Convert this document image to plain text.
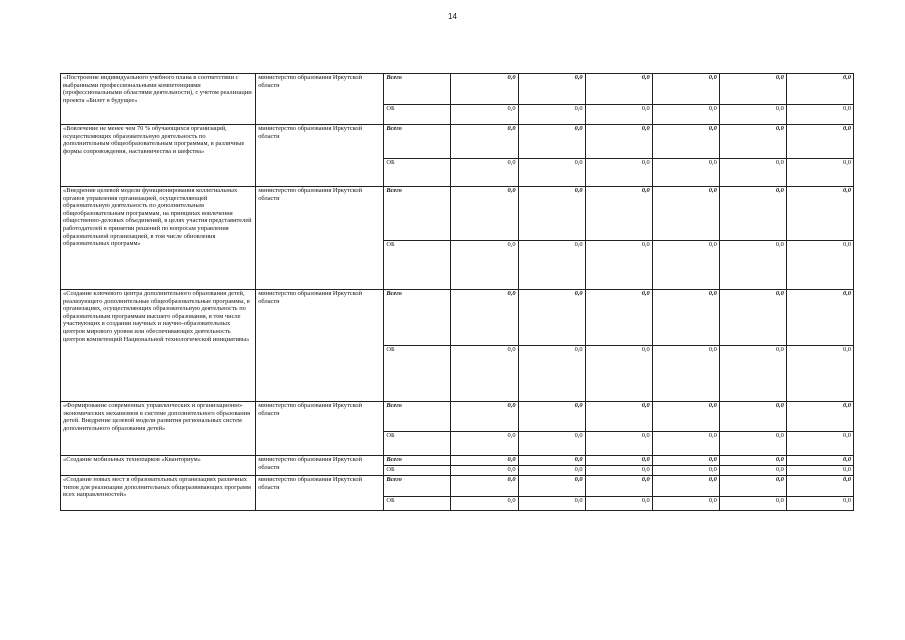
14
«Построение индивидуального учебного плана в соответствии с выбранными профессиональными компетенциями (профессиональными областями деятельности), с учетом реализации проекта «Билет в будущее»	министерство образования Иркутской области	Всего	0,0	0,0	0,0	0,0	0,0	0,0
		ОБ	0,0	0,0	0,0	0,0	0,0	0,0
«Вовлечение не менее чем 70 % обучающихся организаций, осуществляющих образовательную деятельность по дополнительным общеобразовательным программам, в различные формы сопровождения, наставничества и шефства»	министерство образования Иркутской области	Всего	0,0	0,0	0,0	0,0	0,0	0,0
		ОБ	0,0	0,0	0,0	0,0	0,0	0,0
«Внедрение целевой модели функционирования коллегиальных органов управления организацией, осуществляющей образовательную деятельность по дополнительным общеобразовательным программам, на принципах вовлечения общественно-деловых объединений, в целях участия представителей работодателей в принятии решений по вопросам управления образовательной организацией, в том числе обновления образовательных программ»	министерство образования Иркутской области	Всего	0,0	0,0	0,0	0,0	0,0	0,0
		ОБ	0,0	0,0	0,0	0,0	0,0	0,0
«Создание ключевого центра дополнительного образования детей, реализующего дополнительные общеобразовательные программы, в организациях, осуществляющих образовательную деятельность по образовательным программам высшего образования, в том числе участвующих в создании научных и научно-образовательных центров мирового уровня или обеспечивающих деятельность центров компетенций Национальной технологической инициативы»	министерство образования Иркутской области	Всего	0,0	0,0	0,0	0,0	0,0	0,0
		ОБ	0,0	0,0	0,0	0,0	0,0	0,0
«Формирование современных управленческих и организационно-экономических механизмов в системе дополнительного образования детей. Внедрение целевой модели развития региональных систем дополнительного образования детей»	министерство образования Иркутской области	Всего	0,0	0,0	0,0	0,0	0,0	0,0
		ОБ	0,0	0,0	0,0	0,0	0,0	0,0
«Создание мобильных технопарков «Кванториум»	министерство образования Иркутской области	Всего	0,0	0,0	0,0	0,0	0,0	0,0
		ОБ	0,0	0,0	0,0	0,0	0,0	0,0
«Создание новых мест в образовательных организациях различных типов для реализации дополнительных общеразвивающих программ всех направленностей»	министерство образования Иркутской области	Всего	0,0	0,0	0,0	0,0	0,0	0,0
		ОБ	0,0	0,0	0,0	0,0	0,0	0,0
